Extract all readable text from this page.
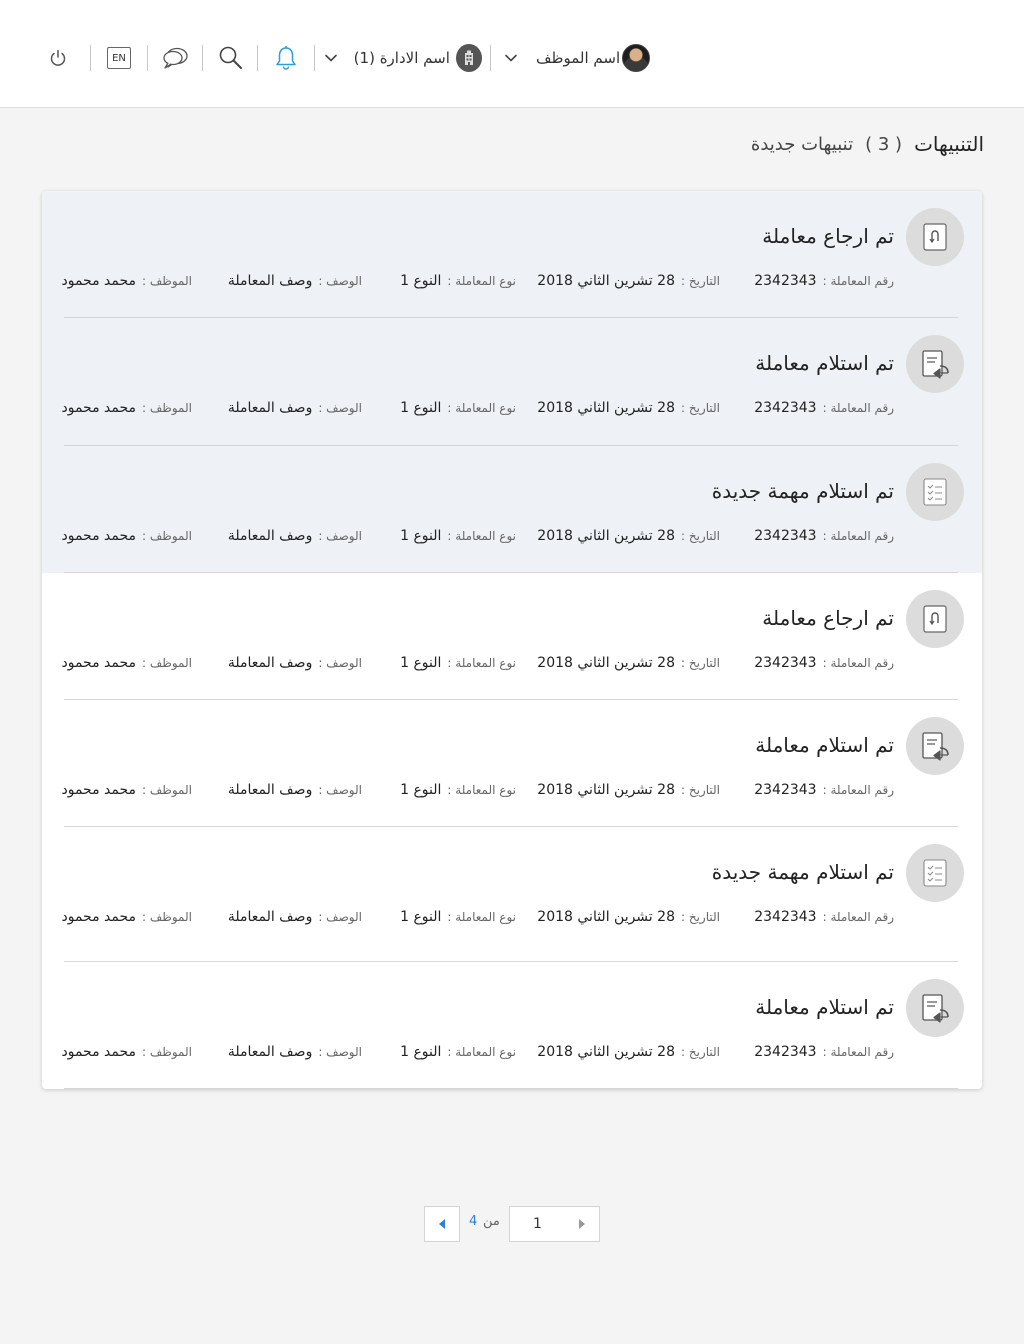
EN	اسم الادارة (1)	اسم الموظف
التنبيهات
( 3 )
تنبيهات جديدة
تم ارجاع معاملة
رقم المعاملة :
2342343
التاريخ :
28 تشرين الثاني 2018
نوع المعاملة :
النوع 1
الوصف :
وصف المعاملة
الموظف :
محمد محمود
تم استلام معاملة
رقم المعاملة :
2342343
التاريخ :
28 تشرين الثاني 2018
نوع المعاملة :
النوع 1
الوصف :
وصف المعاملة
الموظف :
محمد محمود
تم استلام مهمة جديدة
رقم المعاملة :
2342343
التاريخ :
28 تشرين الثاني 2018
نوع المعاملة :
النوع 1
الوصف :
وصف المعاملة
الموظف :
محمد محمود
تم ارجاع معاملة
رقم المعاملة :
2342343
التاريخ :
28 تشرين الثاني 2018
نوع المعاملة :
النوع 1
الوصف :
وصف المعاملة
الموظف :
محمد محمود
تم استلام معاملة
رقم المعاملة :
2342343
التاريخ :
28 تشرين الثاني 2018
نوع المعاملة :
النوع 1
الوصف :
وصف المعاملة
الموظف :
محمد محمود
تم استلام مهمة جديدة
رقم المعاملة :
2342343
التاريخ :
28 تشرين الثاني 2018
نوع المعاملة :
النوع 1
الوصف :
وصف المعاملة
الموظف :
محمد محمود
تم استلام معاملة
رقم المعاملة :
2342343
التاريخ :
28 تشرين الثاني 2018
نوع المعاملة :
النوع 1
الوصف :
وصف المعاملة
الموظف :
محمد محمود
1
4 من
